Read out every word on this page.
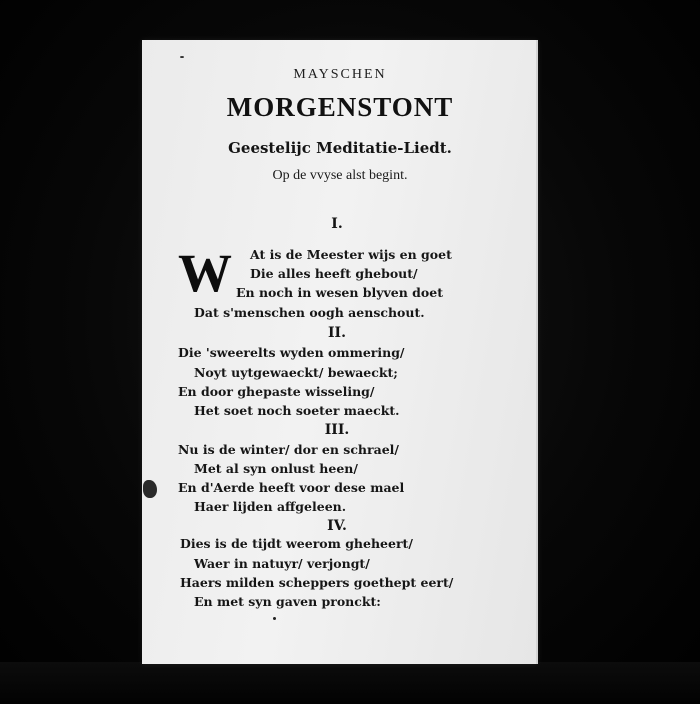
MAYSCHEN
MORGENSTONT
Geestelijc Meditatie-Liedt.
Op de vvyse alst begint.
I.
W At is de Meester wijs en goet
Die alles heeft ghebout/
En noch in wesen blyven doet
Dat s'menschen oogh aenschout.
II.
Die 'sweerelts wyden ommering/
Noyt uytgewaeckt/ bewaeckt;
En door ghepaste wisseling/
Het soet noch soeter maeckt.
III.
Nu is de winter/ dor en schrael/
Met al syn onlust heen/
En d'Aerde heeft voor dese mael
Haer lijden affgeleen.
IV.
Dies is de tijdt weerom gheheert/
Waer in natuyr/ verjongt/
Haers milden scheppers goethept eert/
En met syn gaven pronckt:
